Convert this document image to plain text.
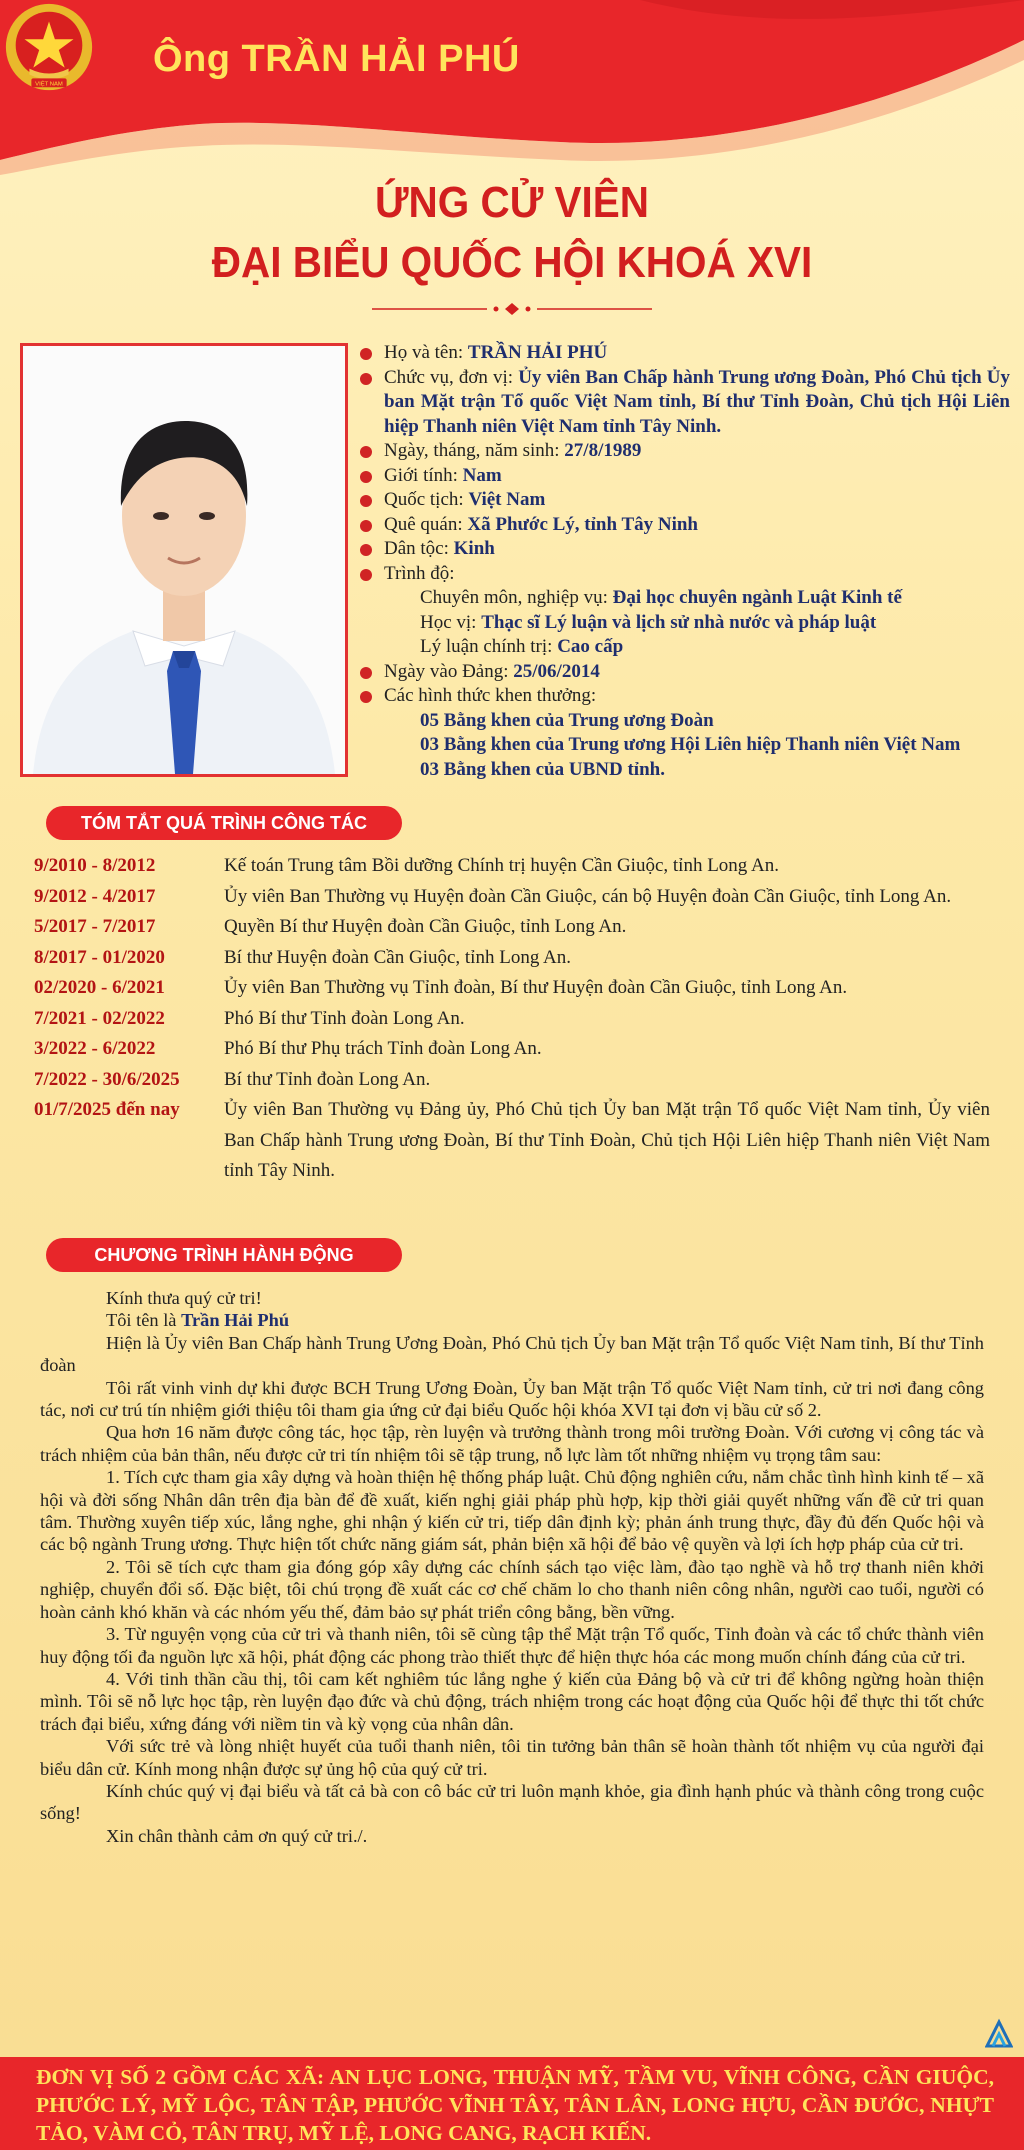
VIỆT NAM
Ông TRẦN HẢI PHÚ
ỨNG CỬ VIÊN
ĐẠI BIỂU QUỐC HỘI KHOÁ XVI
Họ và tên: TRẦN HẢI PHÚ
Chức vụ, đơn vị: Ủy viên Ban Chấp hành Trung ương Đoàn, Phó Chủ tịch Ủy ban Mặt trận Tổ quốc Việt Nam tỉnh, Bí thư Tỉnh Đoàn, Chủ tịch Hội Liên hiệp Thanh niên Việt Nam tỉnh Tây Ninh.
Ngày, tháng, năm sinh: 27/8/1989
Giới tính: Nam
Quốc tịch: Việt Nam
Quê quán: Xã Phước Lý, tỉnh Tây Ninh
Dân tộc: Kinh
Trình độ:
Chuyên môn, nghiệp vụ: Đại học chuyên ngành Luật Kinh tế
Học vị: Thạc sĩ Lý luận và lịch sử nhà nước và pháp luật
Lý luận chính trị: Cao cấp
Ngày vào Đảng: 25/06/2014
Các hình thức khen thưởng:
05 Bằng khen của Trung ương Đoàn
03 Bằng khen của Trung ương Hội Liên hiệp Thanh niên Việt Nam
03 Bằng khen của UBND tỉnh.
TÓM TẮT QUÁ TRÌNH CÔNG TÁC
9/2010 - 8/2012	Kế toán Trung tâm Bồi dưỡng Chính trị huyện Cần Giuộc, tỉnh Long An.
9/2012 - 4/2017	Ủy viên Ban Thường vụ Huyện đoàn Cần Giuộc, cán bộ Huyện đoàn Cần Giuộc, tỉnh Long An.
5/2017 - 7/2017	Quyền Bí thư Huyện đoàn Cần Giuộc, tỉnh Long An.
8/2017 - 01/2020	Bí thư Huyện đoàn Cần Giuộc, tỉnh Long An.
02/2020 - 6/2021	Ủy viên Ban Thường vụ Tỉnh đoàn, Bí thư Huyện đoàn Cần Giuộc, tỉnh Long An.
7/2021 - 02/2022	Phó Bí thư Tỉnh đoàn Long An.
3/2022 - 6/2022	Phó Bí thư Phụ trách Tỉnh đoàn Long An.
7/2022 - 30/6/2025	Bí thư Tỉnh đoàn Long An.
01/7/2025 đến nay	Ủy viên Ban Thường vụ Đảng ủy, Phó Chủ tịch Ủy ban Mặt trận Tổ quốc Việt Nam tỉnh, Ủy viên Ban Chấp hành Trung ương Đoàn, Bí thư Tỉnh Đoàn, Chủ tịch Hội Liên hiệp Thanh niên Việt Nam tỉnh Tây Ninh.
CHƯƠNG TRÌNH HÀNH ĐỘNG

Kính thưa quý cử tri!

Tôi tên là Trần Hải Phú

Hiện là Ủy viên Ban Chấp hành Trung Ương Đoàn, Phó Chủ tịch Ủy ban Mặt trận Tổ quốc Việt Nam tỉnh, Bí thư Tỉnh đoàn

Tôi rất vinh vinh dự khi được BCH Trung Ương Đoàn, Ủy ban Mặt trận Tổ quốc Việt Nam tỉnh, cử tri nơi đang công tác, nơi cư trú tín nhiệm giới thiệu tôi tham gia ứng cử đại biểu Quốc hội khóa XVI tại đơn vị bầu cử số 2.

Qua hơn 16 năm được công tác, học tập, rèn luyện và trưởng thành trong môi trường Đoàn. Với cương vị công tác và trách nhiệm của bản thân, nếu được cử tri tín nhiệm tôi sẽ tập trung, nỗ lực làm tốt những nhiệm vụ trọng tâm sau:

1. Tích cực tham gia xây dựng và hoàn thiện hệ thống pháp luật. Chủ động nghiên cứu, nắm chắc tình hình kinh tế – xã hội và đời sống Nhân dân trên địa bàn để đề xuất, kiến nghị giải pháp phù hợp, kịp thời giải quyết những vấn đề cử tri quan tâm. Thường xuyên tiếp xúc, lắng nghe, ghi nhận ý kiến cử tri, tiếp dân định kỳ; phản ánh trung thực, đầy đủ đến Quốc hội và các bộ ngành Trung ương. Thực hiện tốt chức năng giám sát, phản biện xã hội để bảo vệ quyền và lợi ích hợp pháp của cử tri.

2. Tôi sẽ tích cực tham gia đóng góp xây dựng các chính sách tạo việc làm, đào tạo nghề và hỗ trợ thanh niên khởi nghiệp, chuyển đổi số. Đặc biệt, tôi chú trọng đề xuất các cơ chế chăm lo cho thanh niên công nhân, người cao tuổi, người có hoàn cảnh khó khăn và các nhóm yếu thế, đảm bảo sự phát triển công bằng, bền vững.

3. Từ nguyện vọng của cử tri và thanh niên, tôi sẽ cùng tập thể Mặt trận Tổ quốc, Tỉnh đoàn và các tổ chức thành viên huy động tối đa nguồn lực xã hội, phát động các phong trào thiết thực để hiện thực hóa các mong muốn chính đáng của cử tri.

4. Với tinh thần cầu thị, tôi cam kết nghiêm túc lắng nghe ý kiến của Đảng bộ và cử tri để không ngừng hoàn thiện mình. Tôi sẽ nỗ lực học tập, rèn luyện đạo đức và chủ động, trách nhiệm trong các hoạt động của Quốc hội để thực thi tốt chức trách đại biểu, xứng đáng với niềm tin và kỳ vọng của nhân dân.

Với sức trẻ và lòng nhiệt huyết của tuổi thanh niên, tôi tin tưởng bản thân sẽ hoàn thành tốt nhiệm vụ của người đại biểu dân cử. Kính mong nhận được sự ủng hộ của quý cử tri.

Kính chúc quý vị đại biểu và tất cả bà con cô bác cử tri luôn mạnh khỏe, gia đình hạnh phúc và thành công trong cuộc sống!

Xin chân thành cảm ơn quý cử tri./.

ĐƠN VỊ SỐ 2 GỒM CÁC XÃ: AN LỤC LONG, THUẬN MỸ, TẦM VU, VĨNH CÔNG, CẦN GIUỘC, PHƯỚC LÝ, MỸ LỘC, TÂN TẬP, PHƯỚC VĨNH TÂY, TÂN LÂN, LONG HỰU, CẦN ĐƯỚC, NHỰT TẢO, VÀM CỎ, TÂN TRỤ, MỸ LỆ, LONG CANG, RẠCH KIẾN.
